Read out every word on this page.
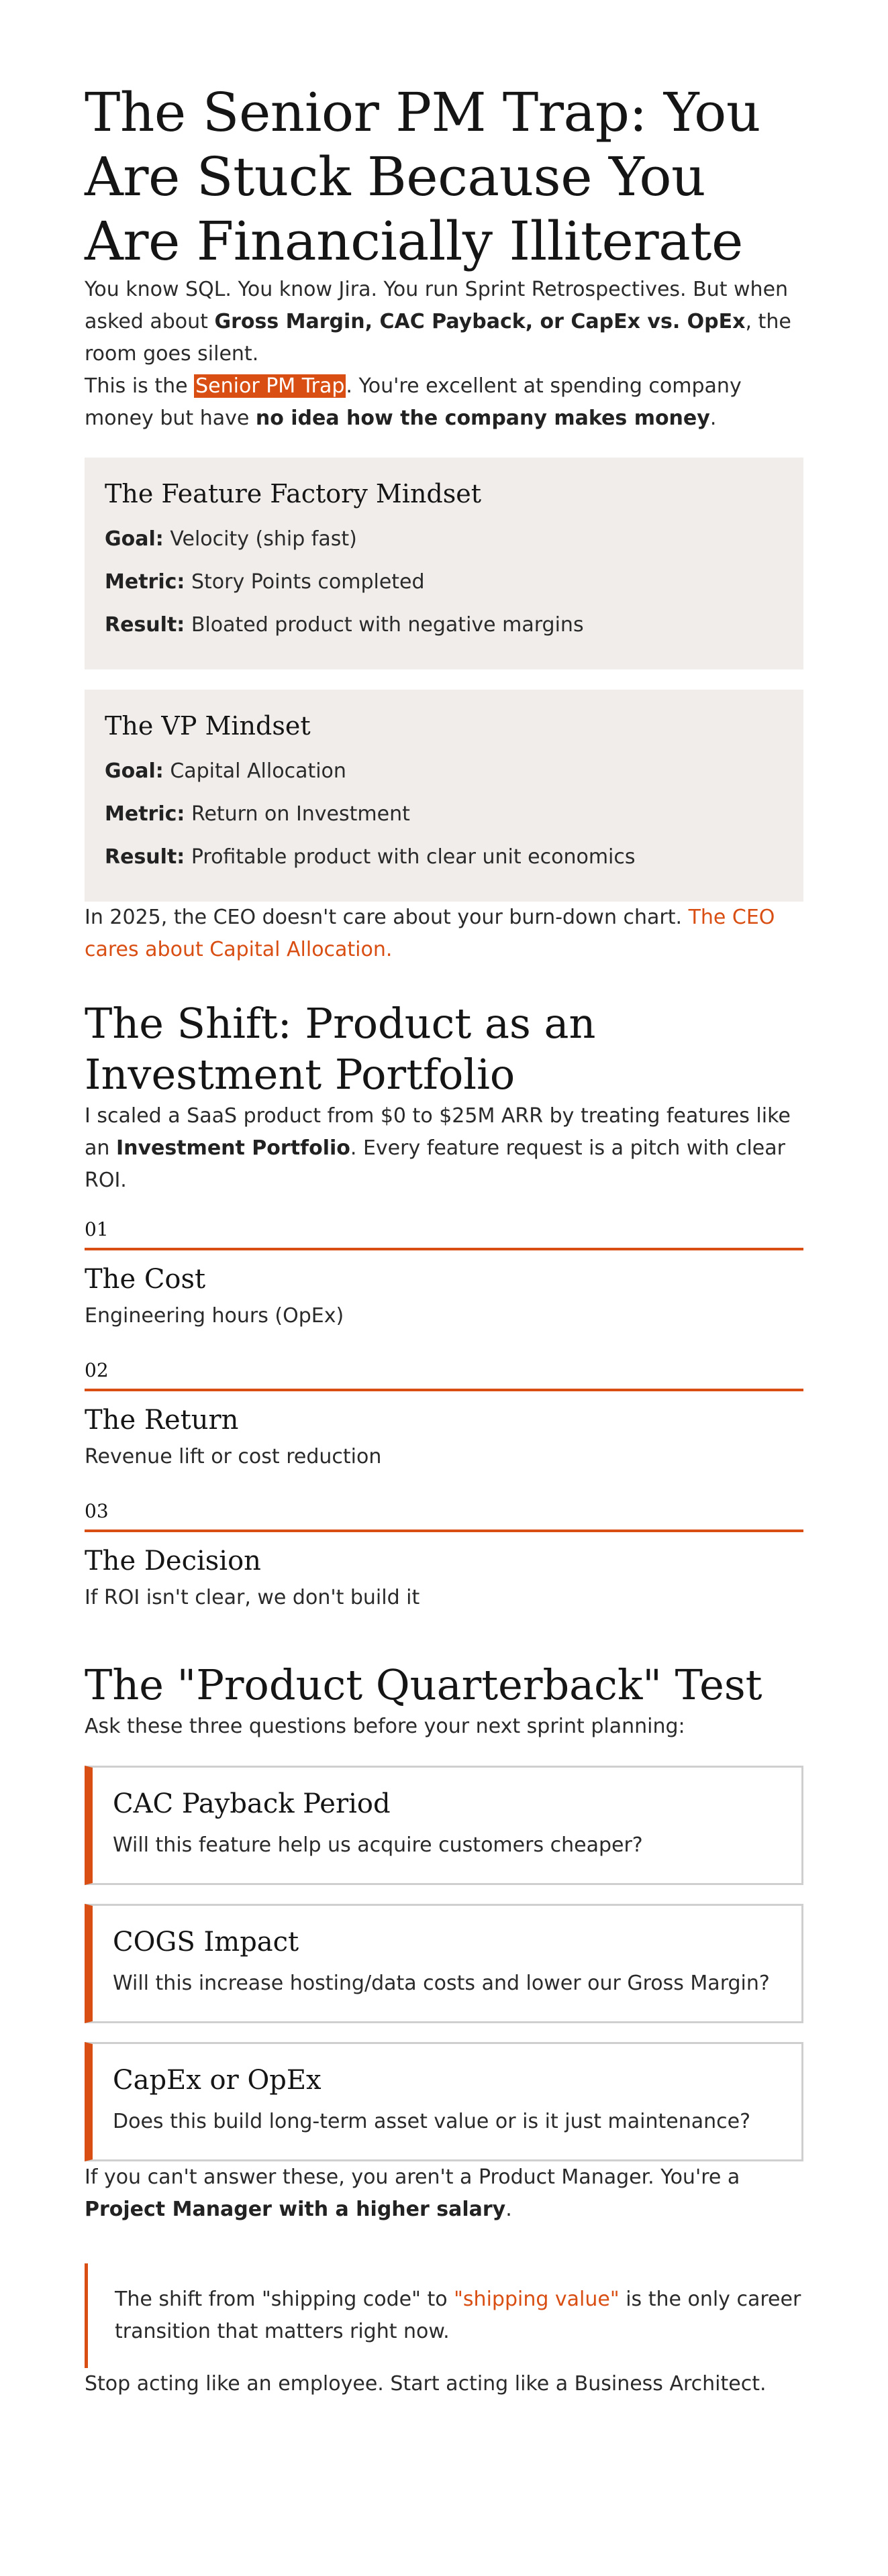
The Senior PM Trap: You Are Stuck Because You Are Financially Illiterate

You know SQL. You know Jira. You run Sprint Retrospectives. But when asked about Gross Margin, CAC Payback, or CapEx vs. OpEx, the room goes silent.

This is the Senior PM Trap. You're excellent at spending company money but have no idea how the company makes money.

The Feature Factory Mindset
Goal: Velocity (ship fast)
Metric: Story Points completed
Result: Bloated product with negative margins
The VP Mindset
Goal: Capital Allocation
Metric: Return on Investment
Result: Profitable product with clear unit economics

In 2025, the CEO doesn't care about your burn-down chart. The CEO cares about Capital Allocation.

The Shift: Product as an Investment Portfolio

I scaled a SaaS product from $0 to $25M ARR by treating features like an Investment Portfolio. Every feature request is a pitch with clear ROI.

01
The Cost
Engineering hours (OpEx)
02
The Return
Revenue lift or cost reduction
03
The Decision
If ROI isn't clear, we don't build it
The "Product Quarterback" Test

Ask these three questions before your next sprint planning:

CAC Payback Period
Will this feature help us acquire customers cheaper?
COGS Impact
Will this increase hosting/data costs and lower our Gross Margin?
CapEx or OpEx
Does this build long-term asset value or is it just maintenance?

If you can't answer these, you aren't a Product Manager. You're a Project Manager with a higher salary.

The shift from "shipping code" to "shipping value" is the only career transition that matters right now.

Stop acting like an employee. Start acting like a Business Architect.
